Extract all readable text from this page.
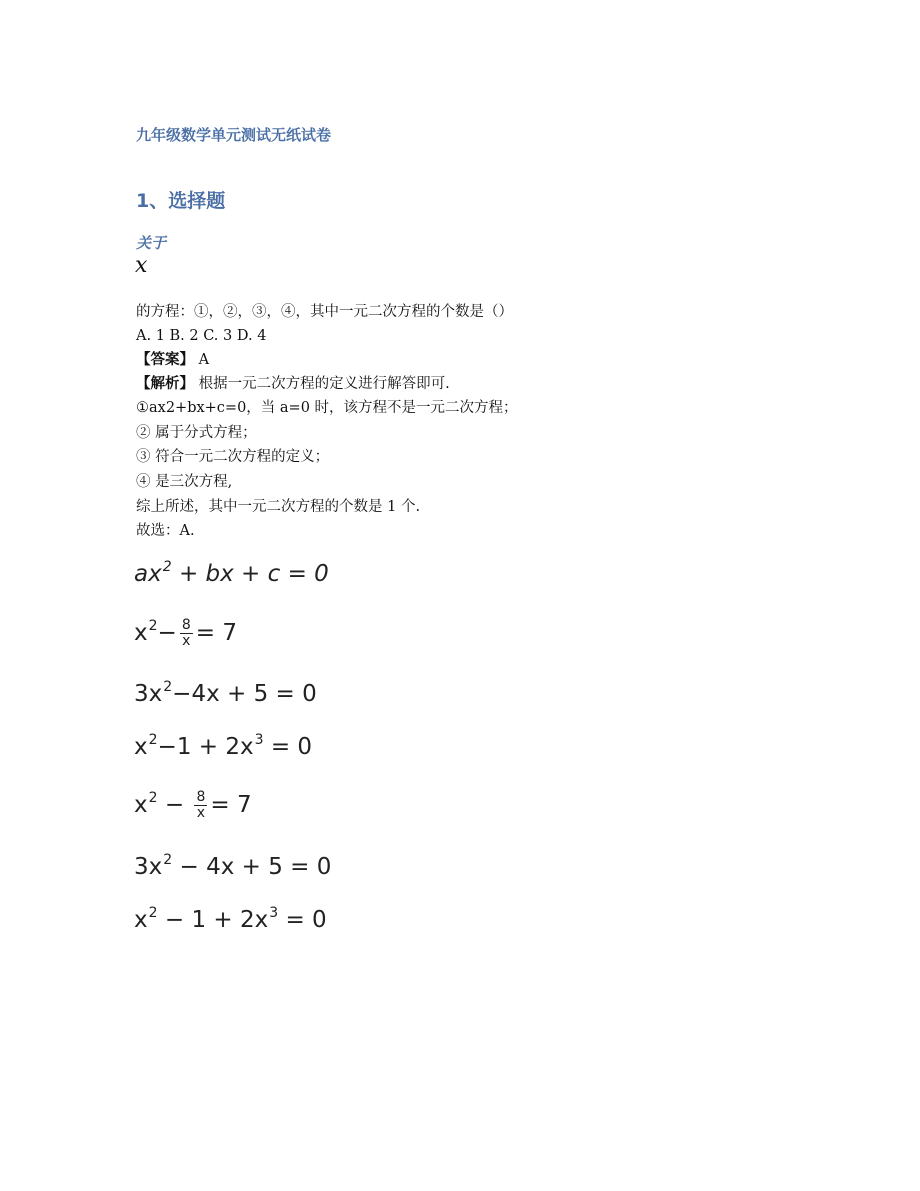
九年级数学单元测试无纸试卷
1、选择题
关于
x
的方程：①，②，③，④，其中一元二次方程的个数是（）
A. 1 B. 2 C. 3 D. 4
【答案】 A
【解析】 根据一元二次方程的定义进行解答即可.
①ax2+bx+c=0，当 a=0 时，该方程不是一元二次方程；
② 属于分式方程；
③ 符合一元二次方程的定义；
④ 是三次方程,
综上所述，其中一元二次方程的个数是 1 个.
故选：A.
$ax^2$ + bx + c = 0
$x^2- \frac{8}{x} = 7$
$3x^2-4x + 5 = 0$
$x^2-1 + 2x^3 = 0$
$x^2 - \frac{8}{x} = 7$
$3x^2 - 4x + 5 = 0$
$x^2 - 1 + 2x^3 = 0$
